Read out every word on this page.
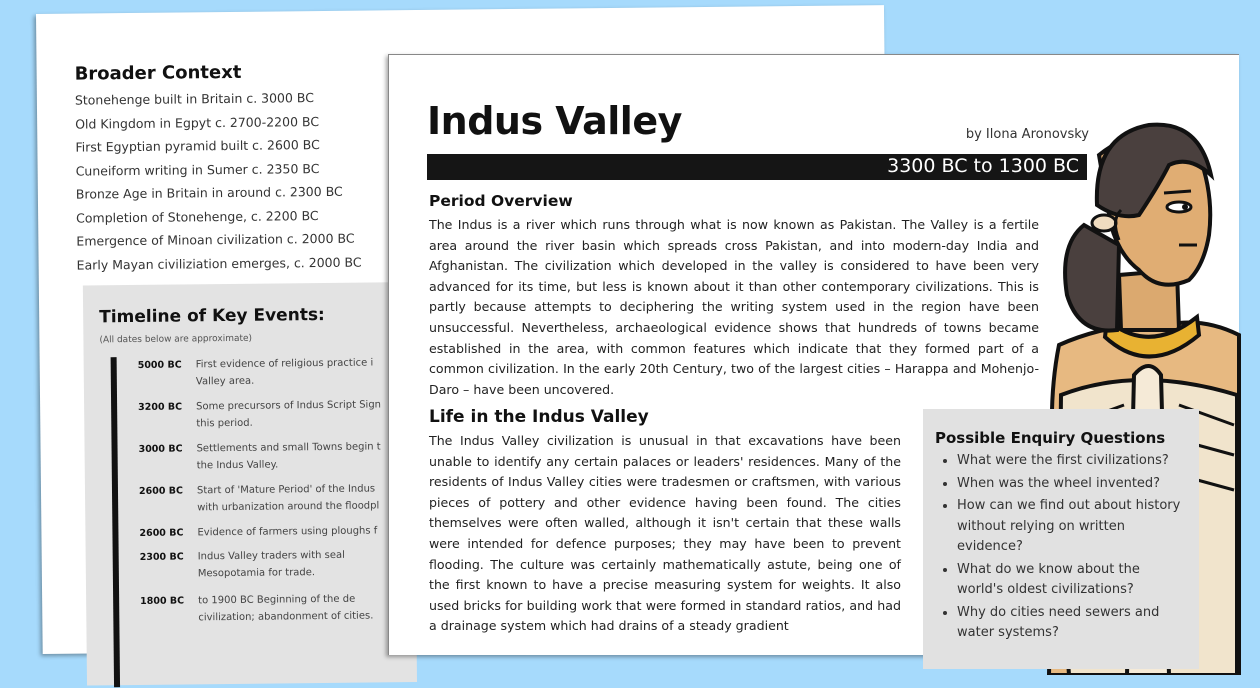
Broader Context
Stonehenge built in Britain c. 3000 BC
Old Kingdom in Egpyt c. 2700-2200 BC
First Egyptian pyramid built c. 2600 BC
Cuneiform writing in Sumer c. 2350 BC
Bronze Age in Britain in around c. 2300 BC
Completion of Stonehenge, c. 2200 BC
Emergence of Minoan civilization c. 2000 BC
Early Mayan civiliziation emerges, c. 2000 BC
Timeline of Key Events:
(All dates below are approximate)
5000 BC First evidence of religious practice i
Valley area.
3200 BC Some precursors of Indus Script Sign
this period.
3000 BC Settlements and small Towns begin t
the Indus Valley.
2600 BC Start of 'Mature Period' of the Indus
with urbanization around the floodpl
2600 BC Evidence of farmers using ploughs f
2300 BC Indus Valley traders with seal
Mesopotamia for trade.
1800 BC to 1900 BC Beginning of the de
civilization; abandonment of cities.
Indus Valley	by Ilona Aronovsky
3300 BC to 1300 BC
Period Overview

The Indus is a river which runs through what is now known as Pakistan. The Valley is a fertile area around the river basin which spreads cross Pakistan, and into modern-day India and Afghanistan. The civilization which developed in the valley is considered to have been very advanced for its time, but less is known about it than other contemporary civilizations. This is partly because attempts to deciphering the writing system used in the region have been unsuccessful. Nevertheless, archaeological evidence shows that hundreds of towns became established in the area, with common features which indicate that they formed part of a common civilization. In the early 20th Century, two of the largest cities – Harappa and Mohenjo-Daro – have been uncovered.

Life in the Indus Valley

The Indus Valley civilization is unusual in that excavations have been unable to identify any certain palaces or leaders' residences. Many of the residents of Indus Valley cities were tradesmen or craftsmen, with various pieces of pottery and other evidence having been found. The cities themselves were often walled, although it isn't certain that these walls were intended for defence purposes; they may have been to prevent flooding. The culture was certainly mathematically astute, being one of the first known to have a precise measuring system for weights. It also used bricks for building work that were formed in standard ratios, and had a drainage system which had drains of a steady gradient

Possible Enquiry Questions
• What were the first civilizations?
• When was the wheel invented?
• How can we find out about history without relying on written evidence?
• What do we know about the world's oldest civilizations?
• Why do cities need sewers and water systems?
